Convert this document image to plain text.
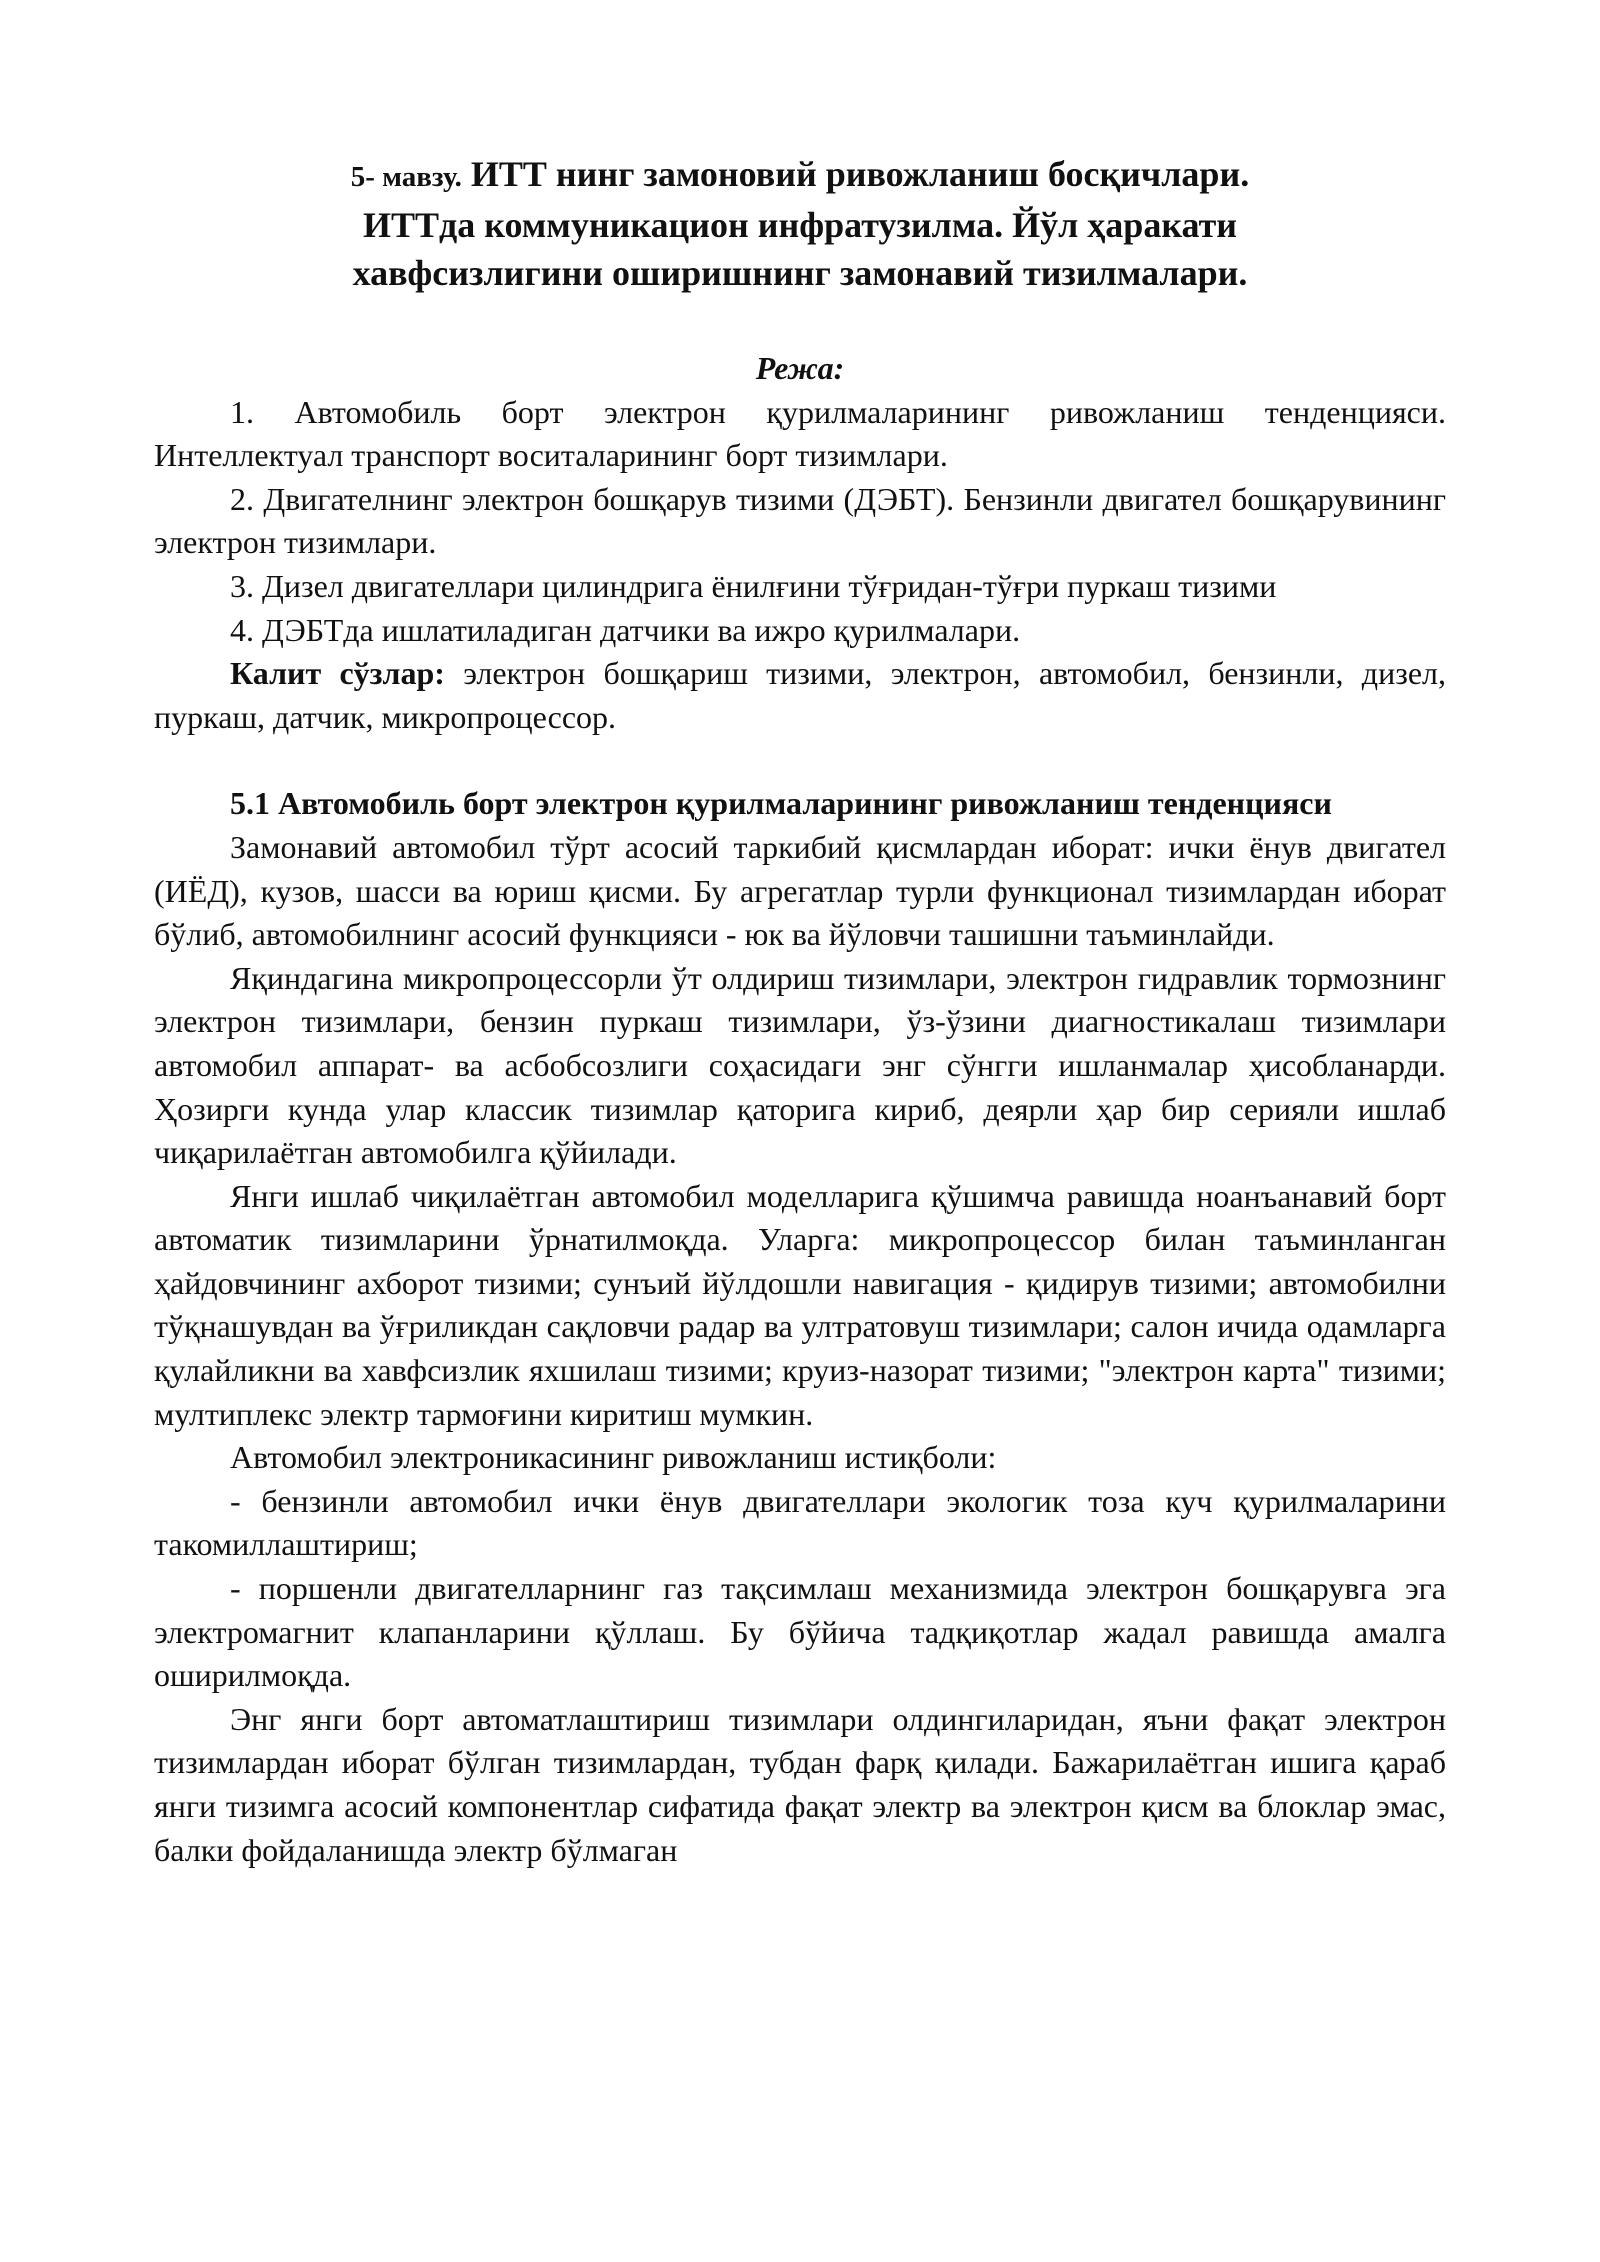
5- мавзу. ИТТ нинг замоновий ривожланиш босқичлари.
ИТТда коммуникацион инфратузилма. Йўл ҳаракати
хавфсизлигини оширишнинг замонавий тизилмалари.

Режа:

1. Автомобиль борт электрон қурилмаларининг ривожланиш тенденцияси. Интеллектуал транспорт воситаларининг борт тизимлари.

2. Двигателнинг электрон бошқарув тизими (ДЭБТ). Бензинли двигател бошқарувининг электрон тизимлари.

3. Дизел двигателлари цилиндрига ёнилғини тўғридан-тўғри пуркаш тизими

4. ДЭБТда ишлатиладиган датчики ва ижро қурилмалари.

Калит сўзлар: электрон бошқариш тизими, электрон, автомобил, бензинли, дизел, пуркаш, датчик, микропроцессор.

5.1 Автомобиль борт электрон қурилмаларининг ривожланиш тенденцияси

Замонавий автомобил тўрт асосий таркибий қисмлардан иборат: ички ёнув двигател (ИЁД), кузов, шасси ва юриш қисми. Бу агрегатлар турли функционал тизимлардан иборат бўлиб, автомобилнинг асосий функцияси - юк ва йўловчи ташишни таъминлайди.

Яқиндагина микропроцессорли ўт олдириш тизимлари, электрон гидравлик тормознинг электрон тизимлари, бензин пуркаш тизимлари, ўз-ўзини диагностикалаш тизимлари автомобил аппарат- ва асбобсозлиги соҳасидаги энг сўнгги ишланмалар ҳисобланарди. Ҳозирги кунда улар классик тизимлар қаторига кириб, деярли ҳар бир серияли ишлаб чиқарилаётган автомобилга қўйилади.

Янги ишлаб чиқилаётган автомобил моделларига қўшимча равишда ноанъанавий борт автоматик тизимларини ўрнатилмоқда. Уларга: микропроцессор билан таъминланган ҳайдовчининг ахборот тизими; сунъий йўлдошли навигация - қидирув тизими; автомобилни тўқнашувдан ва ўғриликдан сақловчи радар ва ултратовуш тизимлари; салон ичида одамларга қулайликни ва хавфсизлик яхшилаш тизими; круиз-назорат тизими; "электрон карта" тизими; мултиплекс электр тармоғини киритиш мумкин.

Автомобил электроникасининг ривожланиш истиқболи:

- бензинли автомобил ички ёнув двигателлари экологик тоза куч қурилмаларини такомиллаштириш;

- поршенли двигателларнинг газ тақсимлаш механизмида электрон бошқарувга эга электромагнит клапанларини қўллаш. Бу бўйича тадқиқотлар жадал равишда амалга оширилмоқда.

Энг янги борт автоматлаштириш тизимлари олдингиларидан, яъни фақат электрон тизимлардан иборат бўлган тизимлардан, тубдан фарқ қилади. Бажарилаётган ишига қараб янги тизимга асосий компонентлар сифатида фақат электр ва электрон қисм ва блоклар эмас, балки фойдаланишда электр бўлмаган
